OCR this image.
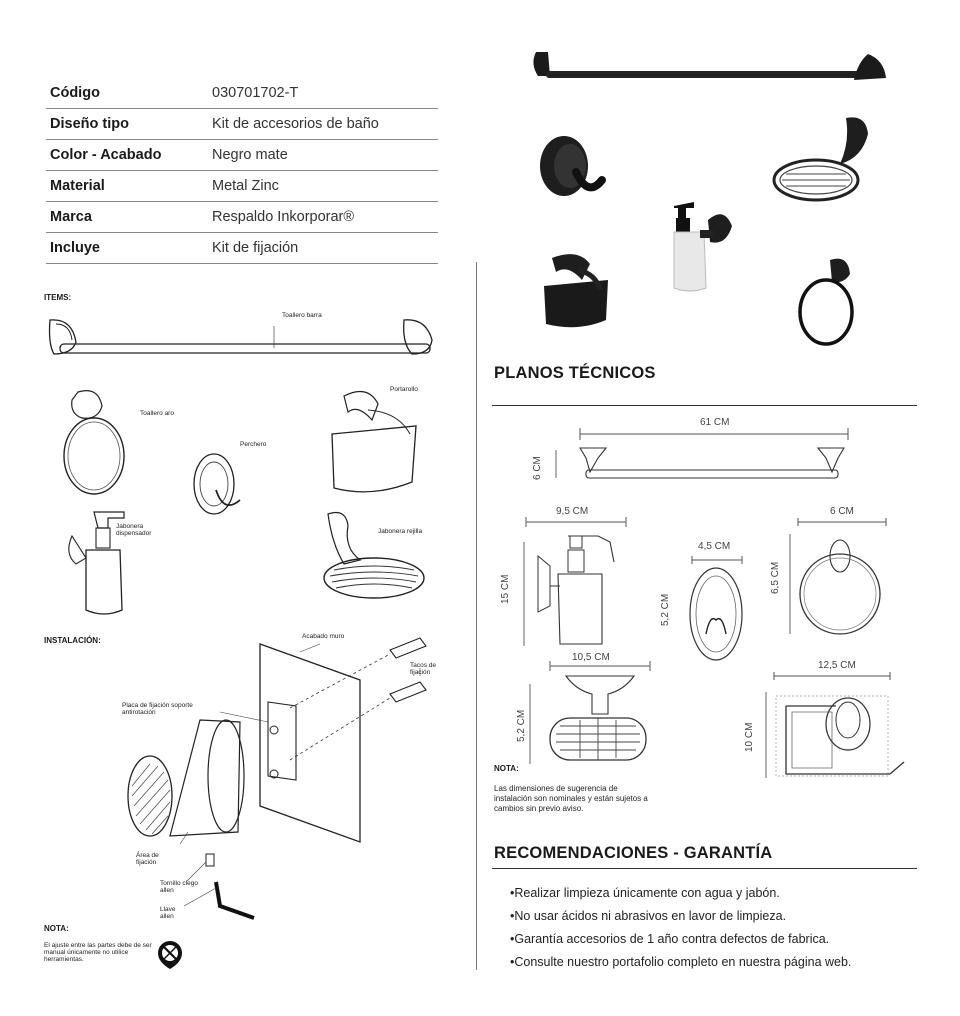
Código	030701702-T
Diseño tipo	Kit de accesorios de baño
Color - Acabado	Negro mate
Material	Metal Zinc
Marca	Respaldo Inkorporar®
Incluye	Kit de fijación
ITEMS:
Toallero barra
Toallero aro
Perchero
Portarollo
Jabonera dispensador	Jabonera rejilla
INSTALACIÓN:	Acabado muro
Tacos de fijación
Placa de fijación soporte antirotación
Área de fijación
Tornillo ciego allen
Llave allen
NOTA:
El ajuste entre las partes debe de ser manual únicamente no utilice herramientas.
PLANOS TÉCNICOS
61 CM
6 CM
9,5 CM
15 CM
4,5 CM
5,2 CM
6 CM
6,5 CM
10,5 CM
5,2 CM
12,5 CM
10 CM
NOTA:
Las dimensiones de sugerencia de instalación son nominales y están sujetos a cambios sin previo aviso.
RECOMENDACIONES - GARANTÍA
•Realizar limpieza únicamente con agua y jabón.
•No usar ácidos ni abrasivos en lavor de limpieza.
•Garantía accesorios de 1 año contra defectos de fabrica.
•Consulte nuestro portafolio completo en nuestra página web.
